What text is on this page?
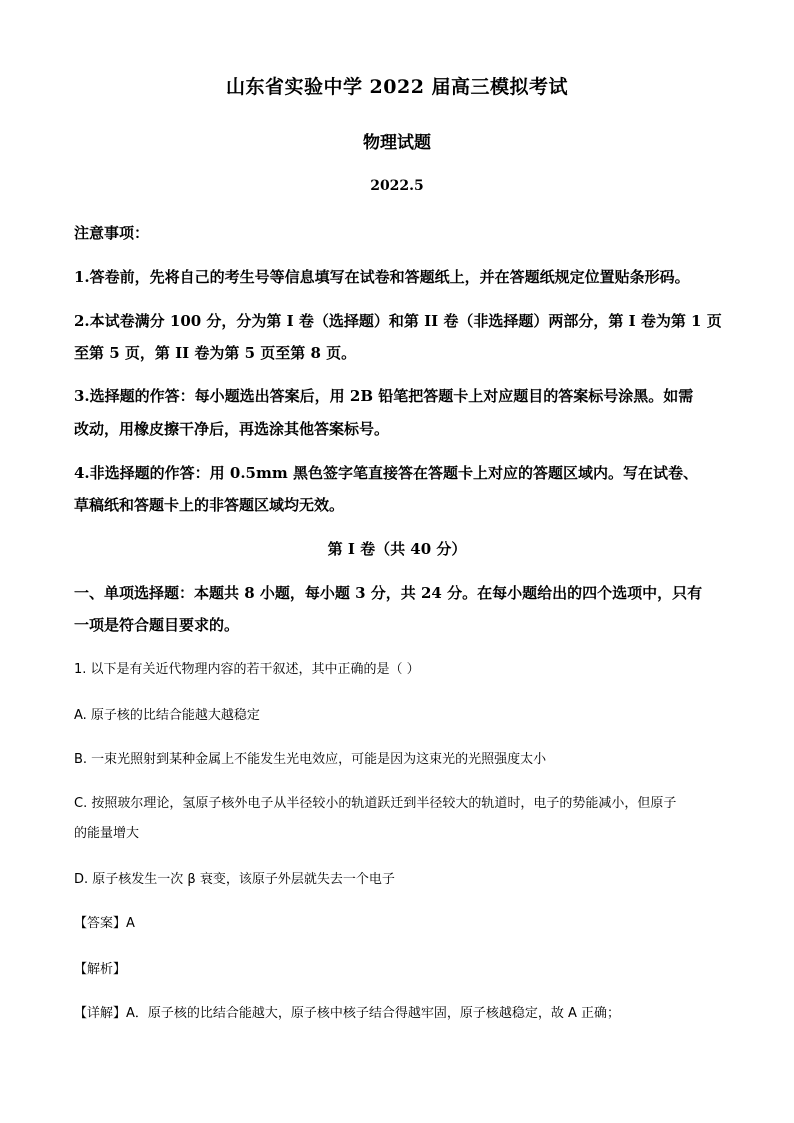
山东省实验中学 2022 届高三模拟考试
物理试题
2022.5
注意事项：
1.答卷前，先将自己的考生号等信息填写在试卷和答题纸上，并在答题纸规定位置贴条形码。
2.本试卷满分 100 分，分为第 I 卷（选择题）和第 II 卷（非选择题）两部分，第 I 卷为第 1 页
至第 5 页，第 II 卷为第 5 页至第 8 页。
3.选择题的作答：每小题选出答案后，用 2B 铅笔把答题卡上对应题目的答案标号涂黑。如需
改动，用橡皮擦干净后，再选涂其他答案标号。
4.非选择题的作答：用 0.5mm 黑色签字笔直接答在答题卡上对应的答题区域内。写在试卷、
草稿纸和答题卡上的非答题区域均无效。
第 I 卷（共 40 分）
一、单项选择题：本题共 8 小题，每小题 3 分，共 24 分。在每小题给出的四个选项中，只有
一项是符合题目要求的。
1. 以下是有关近代物理内容的若干叙述，其中正确的是（ ）
A. 原子核的比结合能越大越稳定
B. 一束光照射到某种金属上不能发生光电效应，可能是因为这束光的光照强度太小
C. 按照玻尔理论，氢原子核外电子从半径较小的轨道跃迁到半径较大的轨道时，电子的势能减小，但原子
的能量增大
D. 原子核发生一次 β 衰变，该原子外层就失去一个电子
【答案】A
【解析】
【详解】A．原子核的比结合能越大，原子核中核子结合得越牢固，原子核越稳定，故 A 正确；
